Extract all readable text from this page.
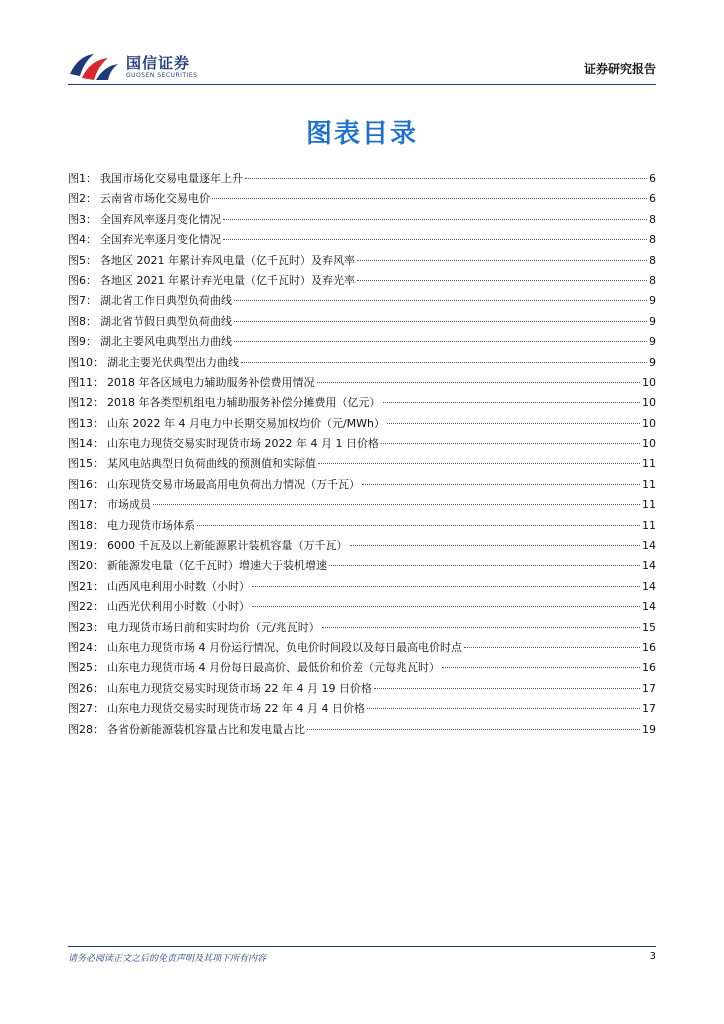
国信证券
GUOSEN SECURITIES	证券研究报告
图表目录
图1： 我国市场化交易电量逐年上升	6
图2： 云南省市场化交易电价	6
图3： 全国弃风率逐月变化情况	8
图4： 全国弃光率逐月变化情况	8
图5： 各地区 2021 年累计弃风电量（亿千瓦时）及弃风率	8
图6： 各地区 2021 年累计弃光电量（亿千瓦时）及弃光率	8
图7： 湖北省工作日典型负荷曲线	9
图8： 湖北省节假日典型负荷曲线	9
图9： 湖北主要风电典型出力曲线	9
图10： 湖北主要光伏典型出力曲线	9
图11： 2018 年各区域电力辅助服务补偿费用情况	10
图12： 2018 年各类型机组电力辅助服务补偿分摊费用（亿元）	10
图13： 山东 2022 年 4 月电力中长期交易加权均价（元/MWh）	10
图14： 山东电力现货交易实时现货市场 2022 年 4 月 1 日价格	10
图15： 某风电站典型日负荷曲线的预测值和实际值	11
图16： 山东现货交易市场最高用电负荷出力情况（万千瓦）	11
图17： 市场成员	11
图18： 电力现货市场体系	11
图19： 6000 千瓦及以上新能源累计装机容量（万千瓦）	14
图20： 新能源发电量（亿千瓦时）增速大于装机增速	14
图21： 山西风电利用小时数（小时）	14
图22： 山西光伏利用小时数（小时）	14
图23： 电力现货市场日前和实时均价（元/兆瓦时）	15
图24： 山东电力现货市场 4 月份运行情况、负电价时间段以及每日最高电价时点	16
图25： 山东电力现货市场 4 月份每日最高价、最低价和价差（元每兆瓦时）	16
图26： 山东电力现货交易实时现货市场 22 年 4 月 19 日价格	17
图27： 山东电力现货交易实时现货市场 22 年 4 月 4 日价格	17
图28： 各省份新能源装机容量占比和发电量占比	19
请务必阅读正文之后的免责声明及其项下所有内容	3
